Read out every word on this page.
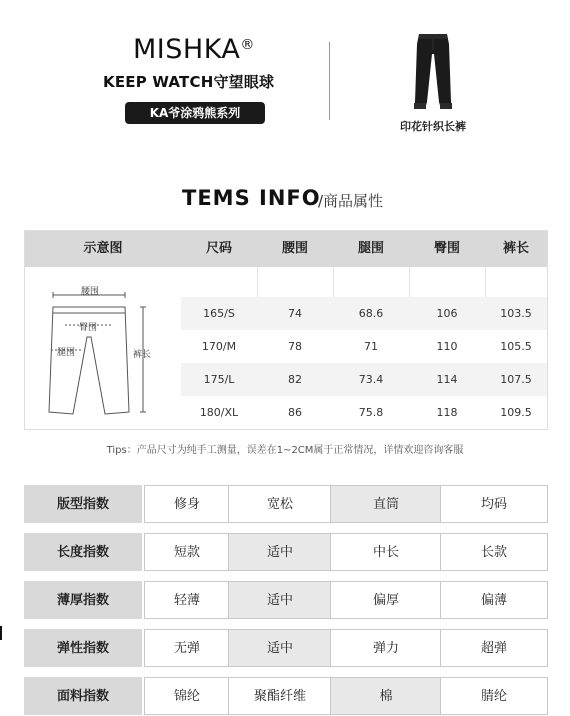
MISHKA®
KEEP WATCH守望眼球
KA爷涂鸦熊系列
印花针织长裤
TEMS INFO
/商品属性
示意图	尺码	腰围	腿围	臀围	裤长
腰围
臀围
腿围	裤长
165/S	74	68.6	106	103.5
170/M	78	71	110	105.5
175/L	82	73.4	114	107.5
180/XL	86	75.8	118	109.5
Tips：产品尺寸为纯手工测量，误差在1~2CM属于正常情况，详情欢迎咨询客服
版型指数	修身	宽松	直筒	均码
长度指数	短款	适中	中长	长款
薄厚指数	轻薄	适中	偏厚	偏薄
弹性指数	无弹	适中	弹力	超弹
面料指数	锦纶	聚酯纤维	棉	腈纶
